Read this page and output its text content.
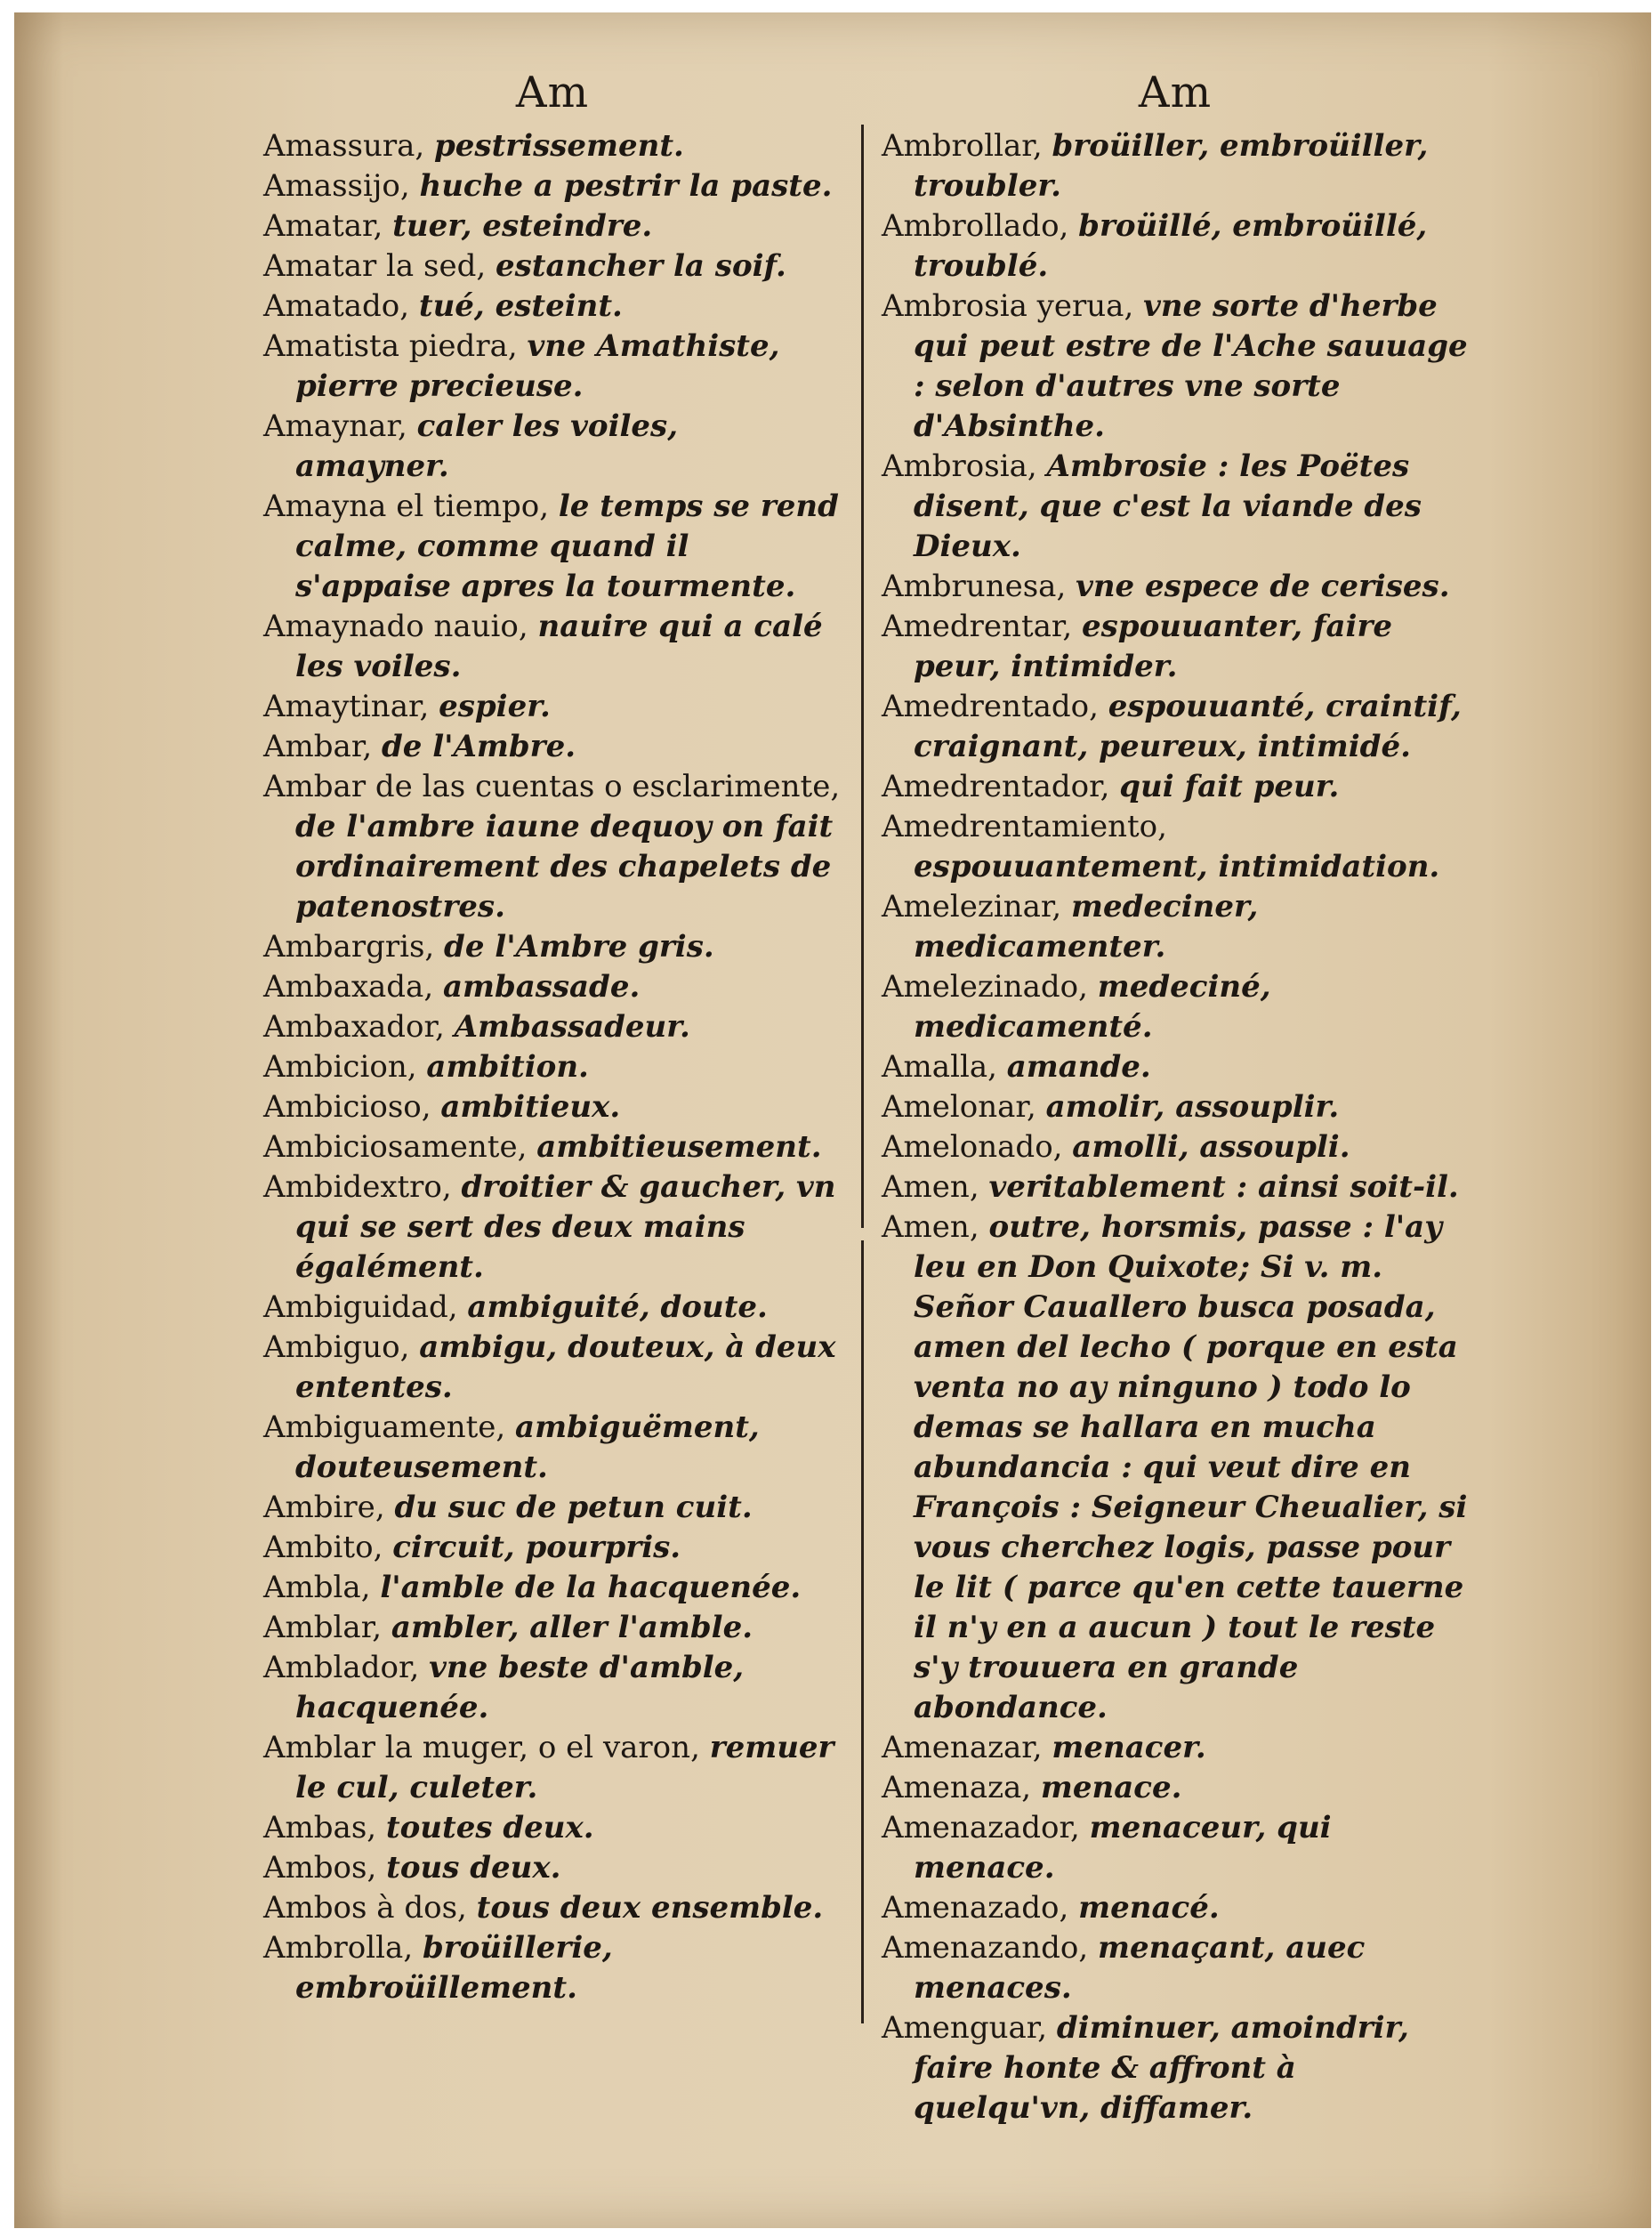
Am
Amassura, pestrissement.
Amassijo, huche a pestrir la paste.
Amatar, tuer, esteindre.
Amatar la sed, estancher la soif.
Amatado, tué, esteint.
Amatista piedra, vne Amathiste, pierre precieuse.
Amaynar, caler les voiles, amayner.
Amayna el tiempo, le temps se rend calme, comme quand il s'appaise apres la tourmente.
Amaynado nauio, nauire qui a calé les voiles.
Amaytinar, espier.
Ambar, de l'Ambre.
Ambar de las cuentas o esclarimente, de l'ambre iaune dequoy on fait ordinairement des chapelets de patenostres.
Ambargris, de l'Ambre gris.
Ambaxada, ambassade.
Ambaxador, Ambassadeur.
Ambicion, ambition.
Ambicioso, ambitieux.
Ambiciosamente, ambitieusement.
Ambidextro, droitier & gaucher, vn qui se sert des deux mains égalément.
Ambiguidad, ambiguité, doute.
Ambiguo, ambigu, douteux, à deux ententes.
Ambiguamente, ambiguëment, douteusement.
Ambire, du suc de petun cuit.
Ambito, circuit, pourpris.
Ambla, l'amble de la hacquenée.
Amblar, ambler, aller l'amble.
Amblador, vne beste d'amble, hacquenée.
Amblar la muger, o el varon, remuer le cul, culeter.
Ambas, toutes deux.
Ambos, tous deux.
Ambos à dos, tous deux ensemble.
Ambrolla, broüillerie, embroüillement.
Am
Ambrollar, broüiller, embroüiller, troubler.
Ambrollado, broüillé, embroüillé, troublé.
Ambrosia yerua, vne sorte d'herbe qui peut estre de l'Ache sauuage : selon d'autres vne sorte d'Absinthe.
Ambrosia, Ambrosie : les Poëtes disent, que c'est la viande des Dieux.
Ambrunesa, vne espece de cerises.
Amedrentar, espouuanter, faire peur, intimider.
Amedrentado, espouuanté, craintif, craignant, peureux, intimidé.
Amedrentador, qui fait peur.
Amedrentamiento, espouuantement, intimidation.
Amelezinar, medeciner, medicamenter.
Amelezinado, medeciné, medicamenté.
Amalla, amande.
Amelonar, amolir, assouplir.
Amelonado, amolli, assoupli.
Amen, veritablement : ainsi soit-il.
Amen, outre, horsmis, passe : l'ay leu en Don Quixote; Si v. m. Señor Cauallero busca posada, amen del lecho ( porque en esta venta no ay ninguno ) todo lo demas se hallara en mucha abundancia : qui veut dire en François : Seigneur Cheualier, si vous cherchez logis, passe pour le lit ( parce qu'en cette tauerne il n'y en a aucun ) tout le reste s'y trouuera en grande abondance.
Amenazar, menacer.
Amenaza, menace.
Amenazador, menaceur, qui menace.
Amenazado, menacé.
Amenazando, menaçant, auec menaces.
Amenguar, diminuer, amoindrir, faire honte & affront à quelqu'vn, diffamer.
